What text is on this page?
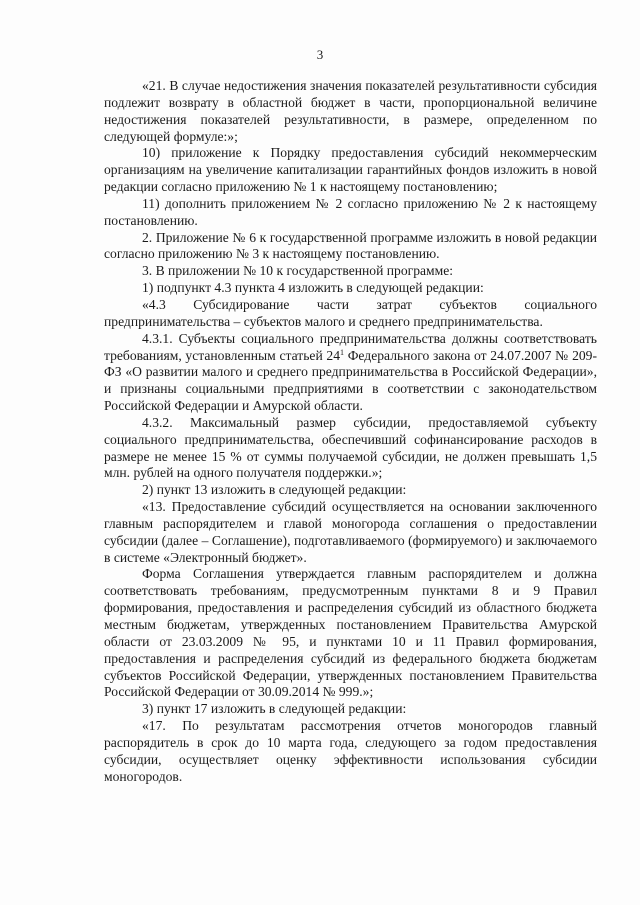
3

«21. В случае недостижения значения показателей результативности субсидия подлежит возврату в областной бюджет в части, пропорциональной величине недостижения показателей результативности, в размере, определенном по следующей формуле:»;

10) приложение к Порядку предоставления субсидий некоммерческим организациям на увеличение капитализации гарантийных фондов изложить в новой редакции согласно приложению № 1 к настоящему постановлению;

11) дополнить приложением № 2 согласно приложению № 2 к настоящему постановлению.

2. Приложение № 6 к государственной программе изложить в новой редакции согласно приложению № 3 к настоящему постановлению.

3. В приложении № 10 к государственной программе:

1) подпункт 4.3 пункта 4 изложить в следующей редакции:

«4.3 Субсидирование части затрат субъектов социального предпринимательства – субъектов малого и среднего предпринимательства.

4.3.1. Субъекты социального предпринимательства должны соответствовать требованиям, установленным статьей $24^1$ Федерального закона от 24.07.2007 № 209-ФЗ «О развитии малого и среднего предпринимательства в Российской Федерации», и признаны социальными предприятиями в соответствии с законодательством Российской Федерации и Амурской области.

4.3.2. Максимальный размер субсидии, предоставляемой субъекту социального предпринимательства, обеспечивший софинансирование расходов в размере не менее 15 % от суммы получаемой субсидии, не должен превышать 1,5 млн. рублей на одного получателя поддержки.»;

2) пункт 13 изложить в следующей редакции:

«13. Предоставление субсидий осуществляется на основании заключенного главным распорядителем и главой моногорода соглашения о предоставлении субсидии (далее – Соглашение), подготавливаемого (формируемого) и заключаемого в системе «Электронный бюджет».

Форма Соглашения утверждается главным распорядителем и должна соответствовать требованиям, предусмотренным пунктами 8 и 9 Правил формирования, предоставления и распределения субсидий из областного бюджета местным бюджетам, утвержденных постановлением Правительства Амурской области от 23.03.2009 № 95, и пунктами 10 и 11 Правил формирования, предоставления и распределения субсидий из федерального бюджета бюджетам субъектов Российской Федерации, утвержденных постановлением Правительства Российской Федерации от 30.09.2014 № 999.»;

3) пункт 17 изложить в следующей редакции:

«17. По результатам рассмотрения отчетов моногородов главный распорядитель в срок до 10 марта года, следующего за годом предоставления субсидии, осуществляет оценку эффективности использования субсидии моногородов.
